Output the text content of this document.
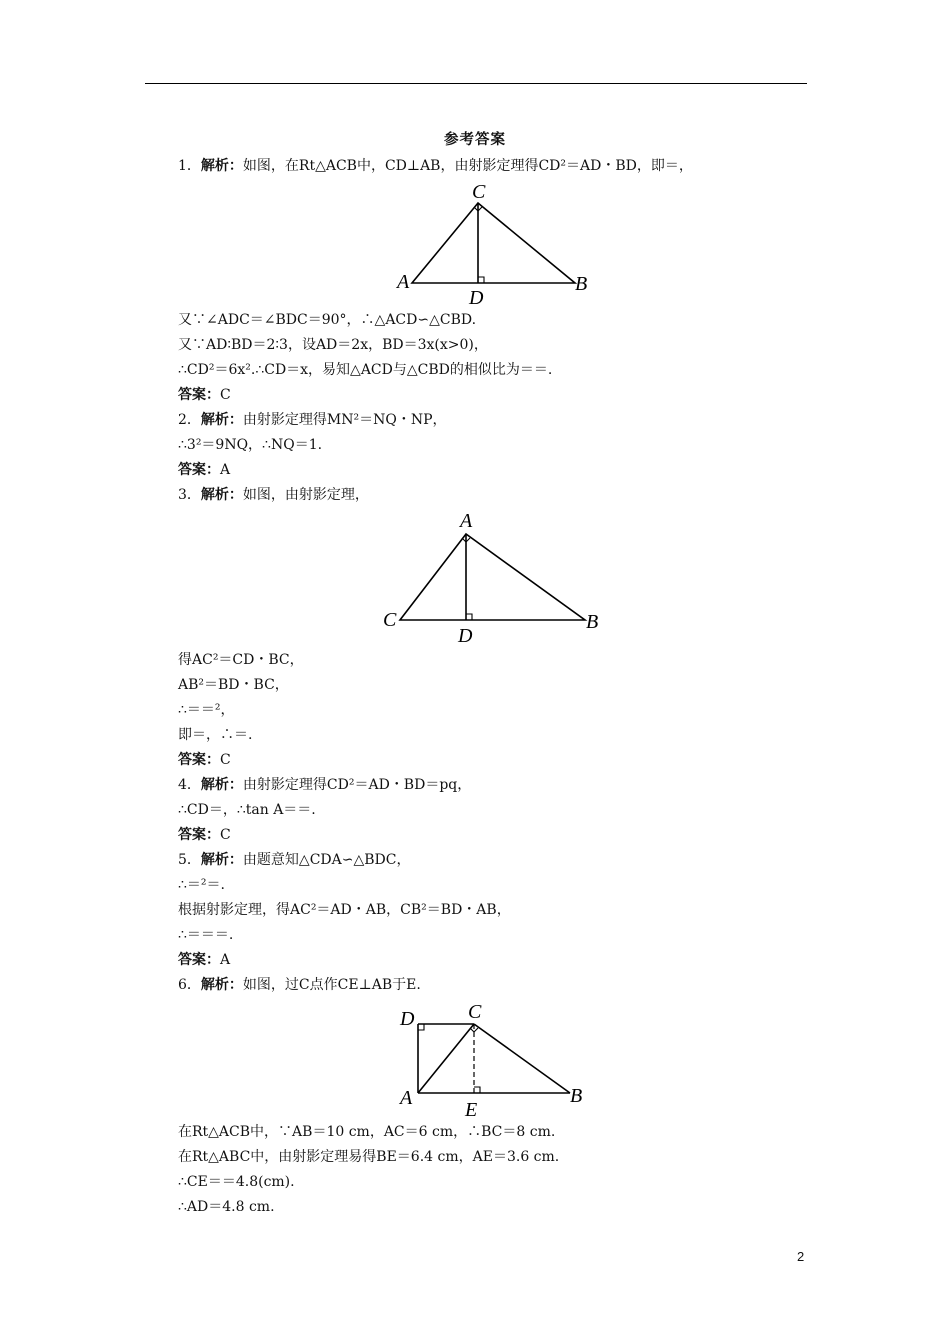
参考答案
1．解析：如图，在Rt△ACB中，CD⊥AB，由射影定理得CD²＝AD・BD，即＝，
又∵∠ADC＝∠BDC＝90°，∴△ACD∽△CBD.
又∵AD∶BD＝2∶3，设AD＝2x，BD＝3x(x>0)，
∴CD²＝6x².∴CD＝x，易知△ACD与△CBD的相似比为＝＝.
答案：C
2．解析：由射影定理得MN²＝NQ・NP，
∴3²＝9NQ，∴NQ＝1.
答案：A
3．解析：如图，由射影定理，
得AC²＝CD・BC，
AB²＝BD・BC，
∴＝＝²，
即＝，∴＝.
答案：C
4．解析：由射影定理得CD²＝AD・BD＝pq，
∴CD＝，∴tan A＝＝.
答案：C
5．解析：由题意知△CDA∽△BDC，
∴＝²＝.
根据射影定理，得AC²＝AD・AB，CB²＝BD・AB，
∴＝＝＝.
答案：A
6．解析：如图，过C点作CE⊥AB于E.
在Rt△ACB中，∵AB＝10 cm，AC＝6 cm，∴BC＝8 cm.
在Rt△ABC中，由射影定理易得BE＝6.4 cm，AE＝3.6 cm.
∴CE＝＝4.8(cm).
∴AD＝4.8 cm.
C
A	B
D
A
C	B
D
D	C
A	B
E
2
